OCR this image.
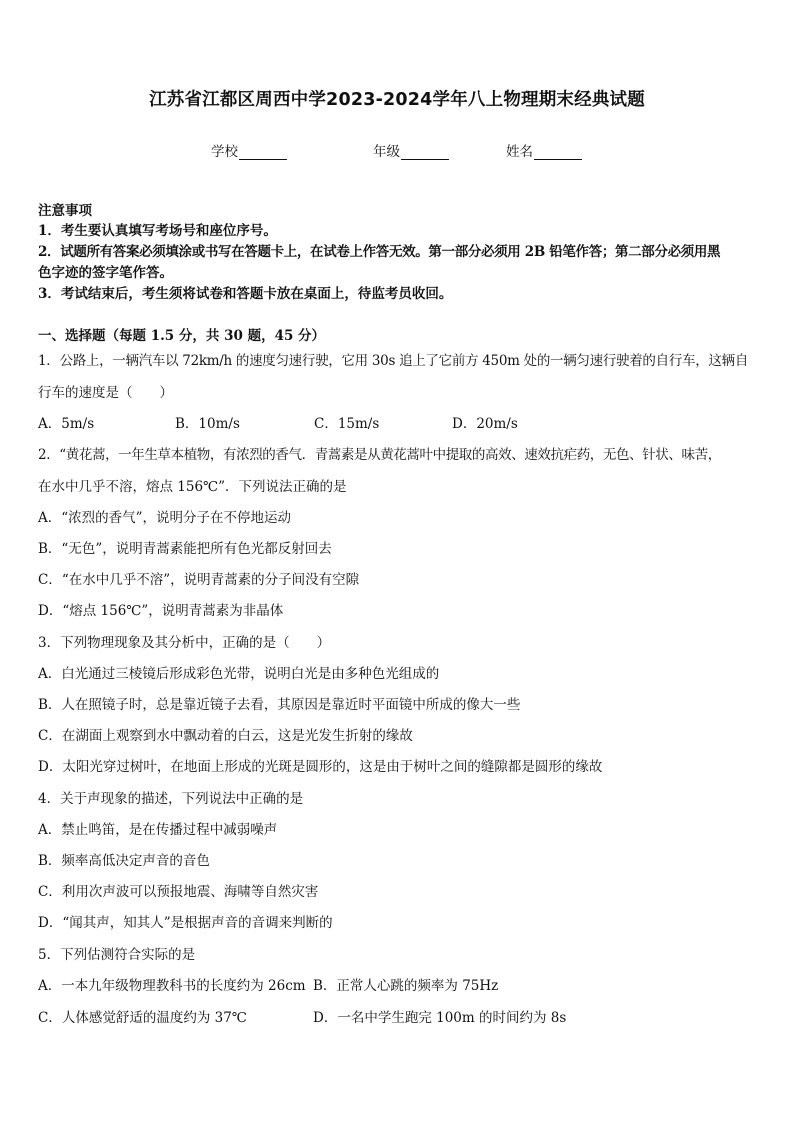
江苏省江都区周西中学2023-2024学年八上物理期末经典试题
学校	年级	姓名
注意事项
1．考生要认真填写考场号和座位序号。
2．试题所有答案必须填涂或书写在答题卡上，在试卷上作答无效。第一部分必须用 2B 铅笔作答；第二部分必须用黑
色字迹的签字笔作答。
3．考试结束后，考生须将试卷和答题卡放在桌面上，待监考员收回。
一、选择题（每题 1.5 分，共 30 题，45 分）
1．公路上，一辆汽车以 72km/h 的速度匀速行驶，它用 30s 追上了它前方 450m 处的一辆匀速行驶着的自行车，这辆自
行车的速度是（　　）
A．5m/s	B．10m/s	C．15m/s	D．20m/s
2．“黄花蒿，一年生草本植物，有浓烈的香气．青蒿素是从黄花蒿叶中提取的高效、速效抗疟药，无色、针状、味苦，
在水中几乎不溶，熔点 156℃”．下列说法正确的是
A．“浓烈的香气”，说明分子在不停地运动
B．“无色”，说明青蒿素能把所有色光都反射回去
C．“在水中几乎不溶”，说明青蒿素的分子间没有空隙
D．“熔点 156℃”，说明青蒿素为非晶体
3．下列物理现象及其分析中，正确的是（　　）
A．白光通过三棱镜后形成彩色光带，说明白光是由多种色光组成的
B．人在照镜子时，总是靠近镜子去看，其原因是靠近时平面镜中所成的像大一些
C．在湖面上观察到水中飘动着的白云，这是光发生折射的缘故
D．太阳光穿过树叶，在地面上形成的光斑是圆形的，这是由于树叶之间的缝隙都是圆形的缘故
4．关于声现象的描述，下列说法中正确的是
A．禁止鸣笛，是在传播过程中减弱噪声
B．频率高低决定声音的音色
C．利用次声波可以预报地震、海啸等自然灾害
D．“闻其声，知其人”是根据声音的音调来判断的
5．下列估测符合实际的是
A．一本九年级物理教科书的长度约为 26cm B．正常人心跳的频率为 75Hz
C．人体感觉舒适的温度约为 37℃	D．一名中学生跑完 100m 的时间约为 8s
